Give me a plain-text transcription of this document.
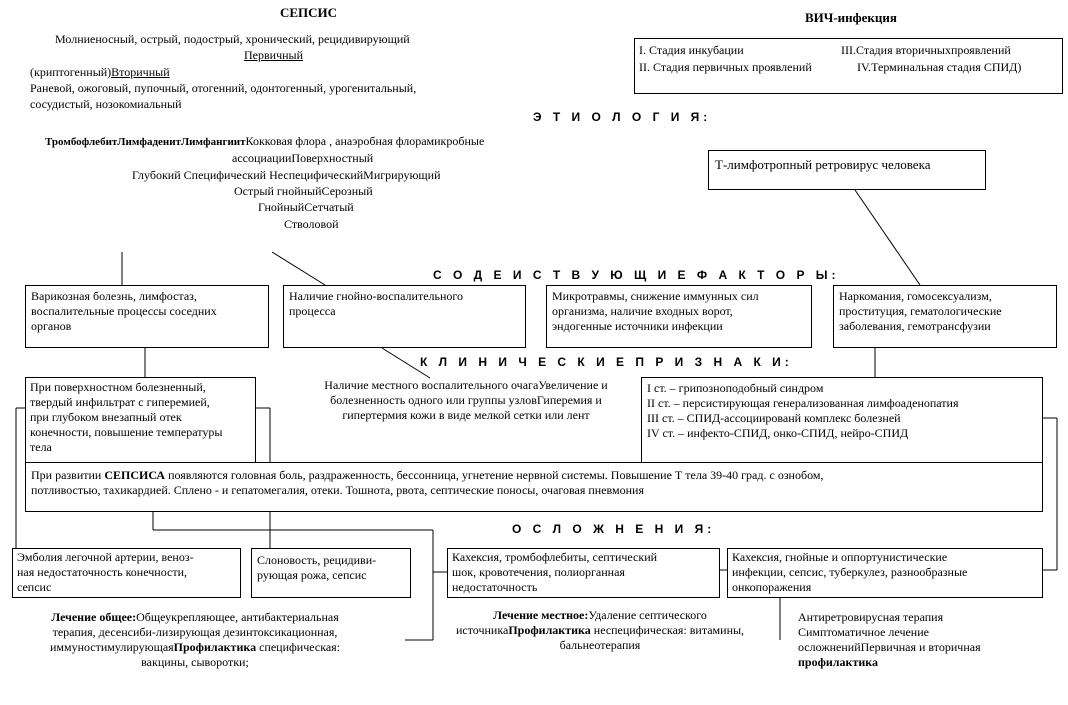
СЕПСИС
Молниеносный, острый, подострый, хронический, рецидивирующий
Первичный
(криптогенный)Вторичный
Раневой, ожоговый, пупочный, отогенний, одонтогенный, урогенитальный,
сосудистый, нозокомиальный
ВИЧ-инфекция
I. Стадия инкубации	III.Стадия вторичныхпроявлений
II. Стадия первичных проявлений	IV.Терминальная стадия СПИД)
Э Т И О Л О Г И Я:
ТромбофлебитЛимфаденитЛимфангиитКокковая флора , анаэробная флорамикробные
ассоциацииПоверхностный
Глубокий Специфический НеспецифическийМигрирующий
Острый гнойныйСерозный
ГнойныйСетчатый
Стволовой
Т-лимфотропный ретровирус человека
С О Д Е И С Т В У Ю Щ И Е Ф А К Т О Р Ы:
Варикозная болезнь, лимфостаз,
воспалительные процессы соседних
органов
Наличие гнойно-воспалительного
процесса
Микротравмы, снижение иммунных сил
организма, наличие входных ворот,
эндогенные источники инфекции
Наркомания, гомосексуализм,
проституция, гематологические
заболевания, гемотрансфузии
К Л И Н И Ч Е С К И Е П Р И З Н А К И:
При поверхностном болезненный,
твердый инфильтрат с гиперемией,
при глубоком внезапный отек
конечности, повышение температуры
тела
Наличие местного воспалительного очагаУвеличение и
болезненность одного или группы узловГиперемия и
гипертермия кожи в виде мелкой сетки или лент
I ст. – грипозноподобный синдром
II ст. – персистирующая генерализованная лимфоаденопатия
III ст. – СПИД-ассоциированй комплекс болезней
IV ст. – инфекто-СПИД, онко-СПИД, нейро-СПИД
При развитии СЕПСИСА появляются головная боль, раздраженность, бессонница, угнетение нервной системы. Повышение Т тела 39-40 град. с ознобом,
потливостью, тахикардией. Сплено - и гепатомегалия, отеки. Тошнота, рвота, септические поносы, очаговая пневмония
О С Л О Ж Н Е Н И Я:
Эмболия легочной артерии, веноз-
ная недостаточность конечности,
сепсис
Слоновость, рецидиви-
рующая рожа, сепсис
Кахексия, тромбофлебиты, септический
шок, кровотечения, полиорганная
недостаточность
Кахексия, гнойные и оппортунистические
инфекции, сепсис, туберкулез, разнообразные
онкопоражения
Лечение общее:Общеукрепляющее, антибактериальная
терапия, десенсиби-лизирующая дезинтоксикационная,
иммуностимулирующаяПрофилактика специфическая:
вакцины, сыворотки;
Лечение местное:Удаление септического
источникаПрофилактика неспецифическая: витамины,
бальнеотерапия
Антиретровирусная терапия
Симптоматичное лечение
осложненийПервичная и вторичная
профилактика
